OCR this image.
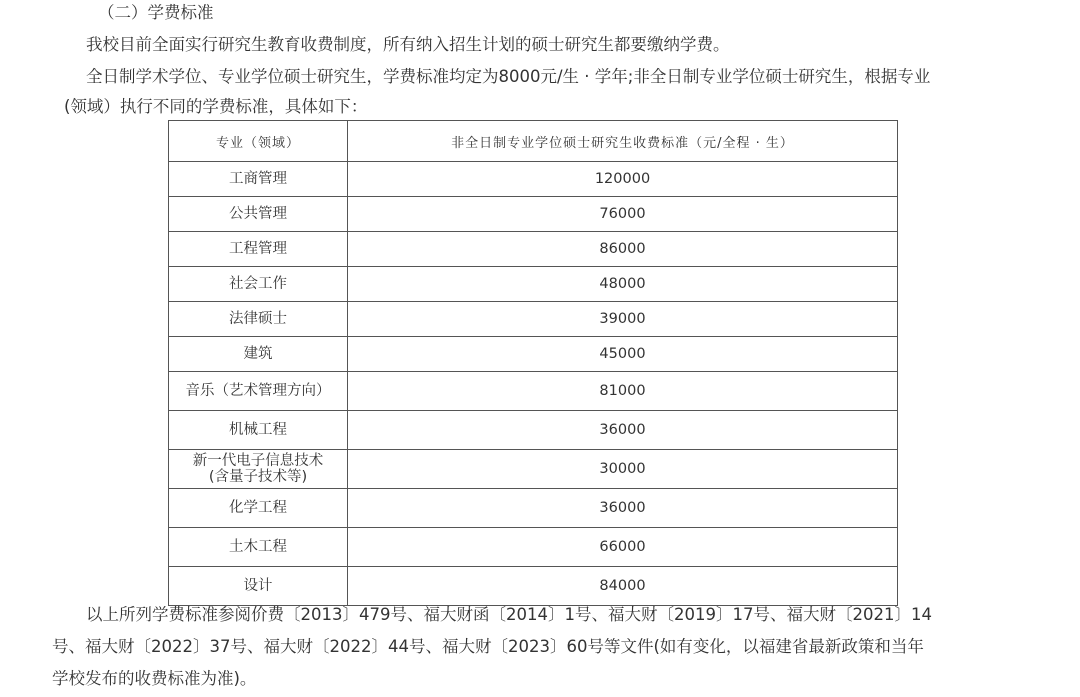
（二）学费标准
我校目前全面实行研究生教育收费制度，所有纳入招生计划的硕士研究生都要缴纳学费。
全日制学术学位、专业学位硕士研究生，学费标准均定为8000元/生 · 学年;非全日制专业学位硕士研究生，根据专业
(领域）执行不同的学费标准，具体如下：
专业（领域）	非全日制专业学位硕士研究生收费标准（元/全程 · 生）
工商管理	120000
公共管理	76000
工程管理	86000
社会工作	48000
法律硕士	39000
建筑	45000
音乐（艺术管理方向）	81000
机械工程	36000

新一代电子信息技术
(含量子技术等)	30000
化学工程	36000
土木工程	66000
设计	84000
以上所列学费标准参阅价费〔2013〕479号、福大财函〔2014〕1号、福大财〔2019〕17号、福大财〔2021〕14
号、福大财〔2022〕37号、福大财〔2022〕44号、福大财〔2023〕60号等文件(如有变化，以福建省最新政策和当年
学校发布的收费标准为准)。
